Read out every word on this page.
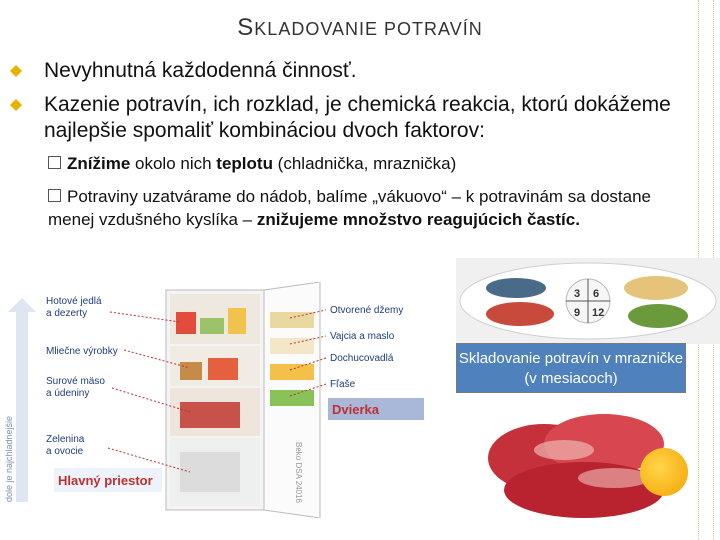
SKLADOVANIE POTRAVÍN
Nevyhnutná každodenná činnosť.
Kazenie potravín, ich rozklad, je chemická reakcia, ktorú dokážeme najlepšie spomaliť kombináciou dvoch faktorov:
Znížime okolo nich teplotu (chladnička, mraznička)
Potraviny uzatvárame do nádob, balíme „vákuovo“ – k potravinám sa dostane menej vzdušného kyslíka – znižujeme množstvo reagujúcich častíc.
dole je najchladnejšie	Beko DSA 24016
Hotové jedlá
a dezerty
Mliečne výrobky
Surové mäso
a údeniny
Zelenina
a ovocie
Hlavný priestor
Otvorené džemy
Vajcia a maslo
Dochucovadlá
Fľaše
Dvierka
3 6
9 12
Skladovanie potravín v mrazničke (v mesiacoch)
